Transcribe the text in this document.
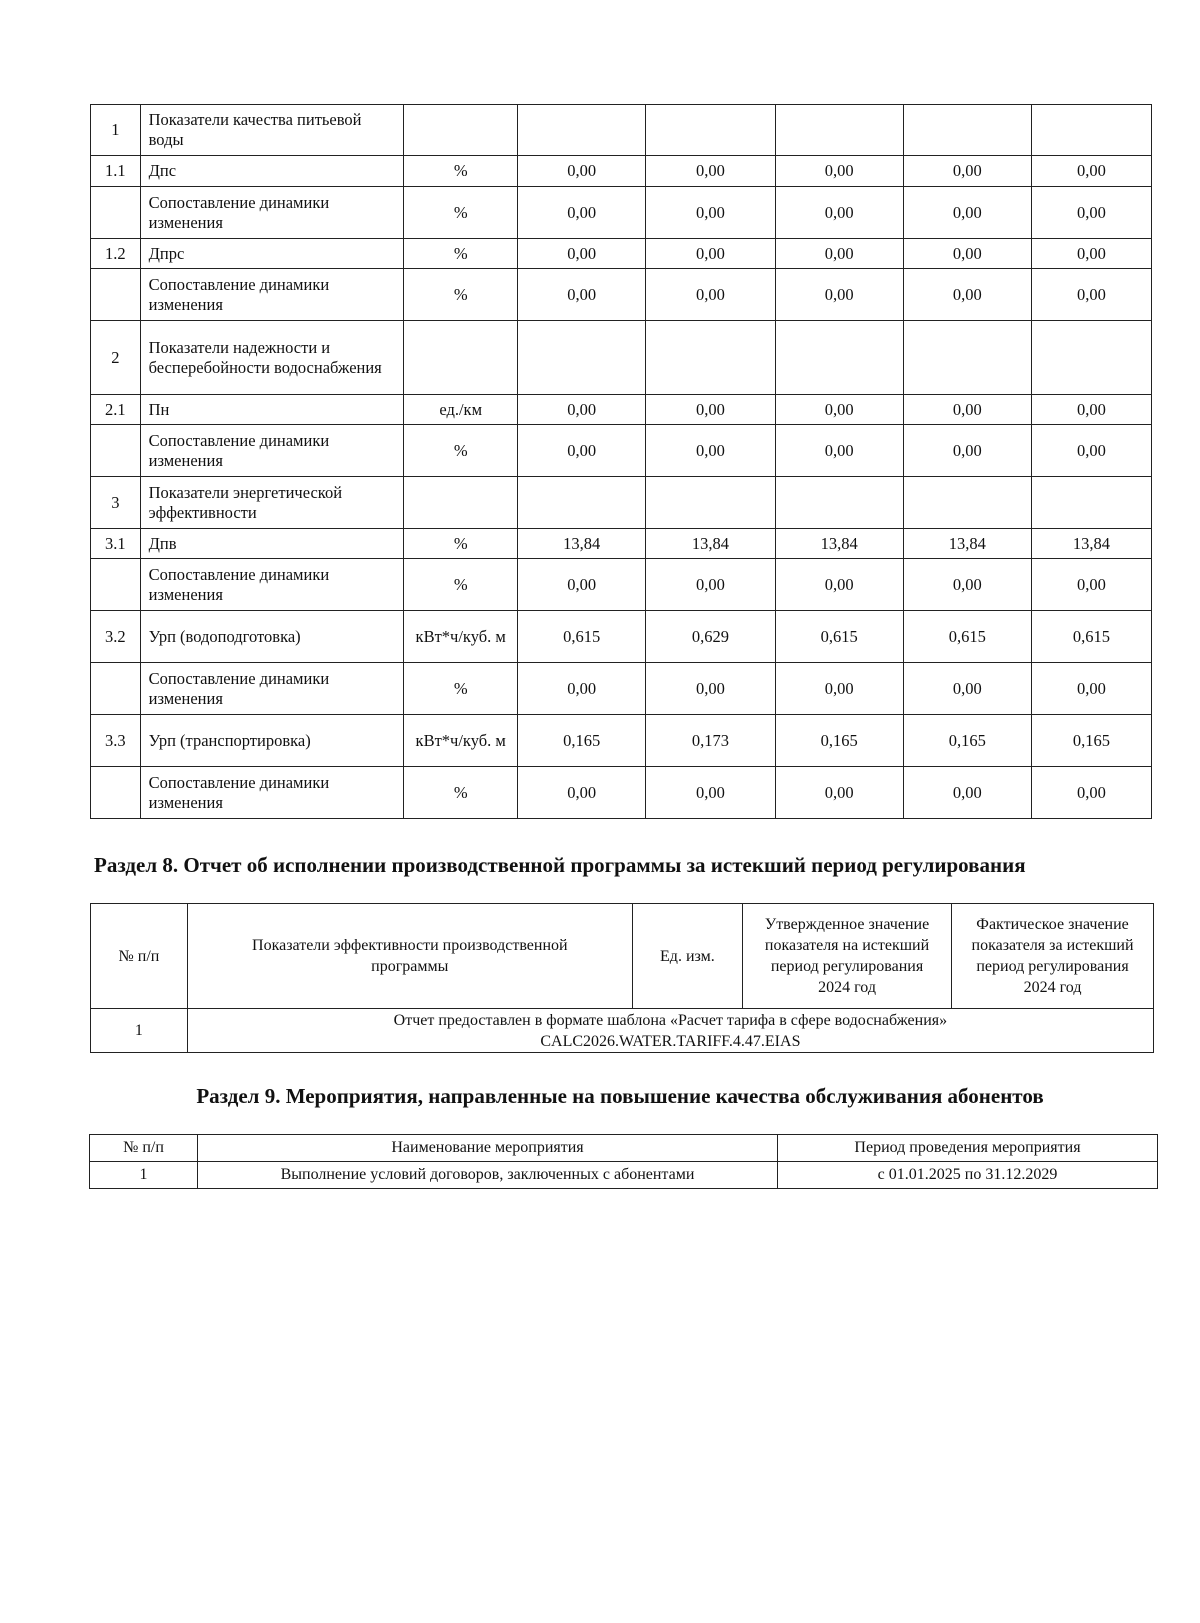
1	Показатели качества питьевой воды						
1.1	Дпс	%	0,00	0,00	0,00	0,00	0,00
	Сопоставление динамики изменения	%	0,00	0,00	0,00	0,00	0,00
1.2	Дпрс	%	0,00	0,00	0,00	0,00	0,00
	Сопоставление динамики изменения	%	0,00	0,00	0,00	0,00	0,00
2	Показатели надежности и бесперебойности водоснабжения						
2.1	Пн	ед./км	0,00	0,00	0,00	0,00	0,00
	Сопоставление динамики изменения	%	0,00	0,00	0,00	0,00	0,00
3	Показатели энергетической эффективности						
3.1	Дпв	%	13,84	13,84	13,84	13,84	13,84
	Сопоставление динамики изменения	%	0,00	0,00	0,00	0,00	0,00
3.2	Урп (водоподготовка)	кВт*ч/куб. м	0,615	0,629	0,615	0,615	0,615
	Сопоставление динамики изменения	%	0,00	0,00	0,00	0,00	0,00
3.3	Урп (транспортировка)	кВт*ч/куб. м	0,165	0,173	0,165	0,165	0,165
	Сопоставление динамики изменения	%	0,00	0,00	0,00	0,00	0,00
Раздел 8. Отчет об исполнении производственной программы за истекший период регулирования
№ п/п	Показатели эффективности производственной программы	Ед. изм.	Утвержденное значение показателя на истекший период регулирования 2024 год	Фактическое значение показателя за истекший период регулирования 2024 год
1	Отчет предоставлен в формате шаблона «Расчет тарифа в сфере водоснабжения»
CALC2026.WATER.TARIFF.4.47.EIAS			
Раздел 9. Мероприятия, направленные на повышение качества обслуживания абонентов
№ п/п	Наименование мероприятия	Период проведения мероприятия
1	Выполнение условий договоров, заключенных с абонентами	с 01.01.2025 по 31.12.2029
